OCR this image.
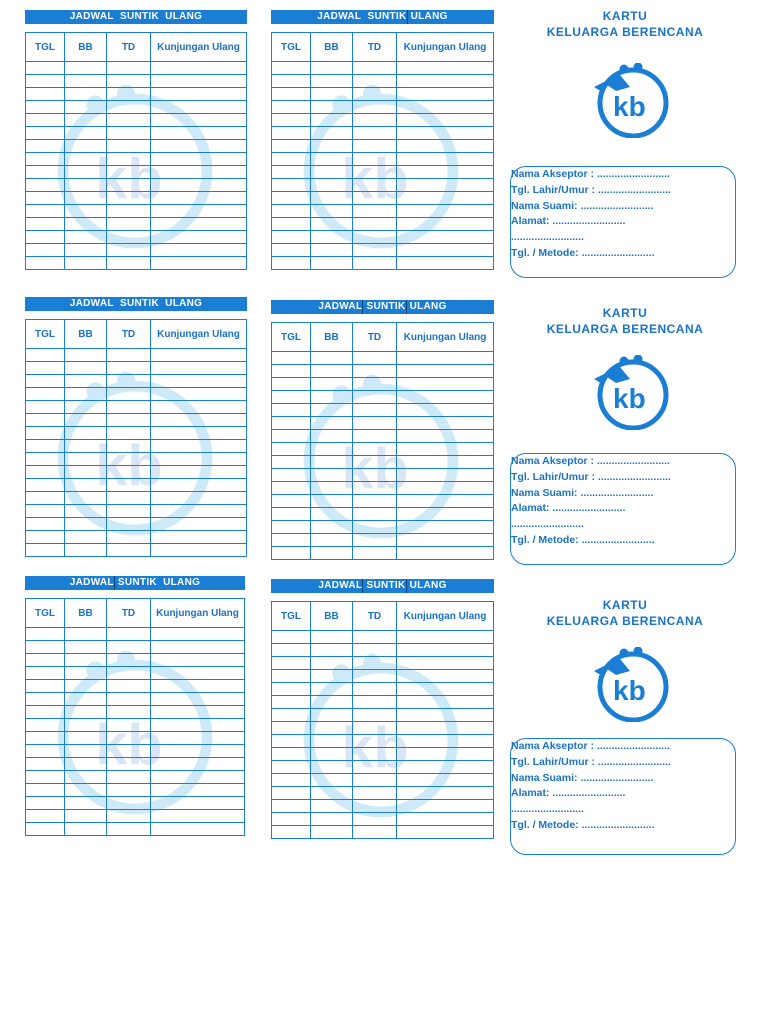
JADWAL SUNTIK ULANG
kb
TGL	BB	TD	Kunjungan Ulang

JADWAL SUNTIK ULANG
kb
TGL	BB	TD	Kunjungan Ulang

KARTU
KELUARGA BERENCANA
kb
Nama Akseptor : .........................
Tgl. Lahir/Umur : .........................
Nama Suami: .........................
Alamat: .........................
.........................
Tgl. / Metode: .........................
JADWAL SUNTIK ULANG
kb
TGL	BB	TD	Kunjungan Ulang

JADWAL SUNTIK ULANG
kb
TGL	BB	TD	Kunjungan Ulang

KARTU
KELUARGA BERENCANA
kb
Nama Akseptor : .........................
Tgl. Lahir/Umur : .........................
Nama Suami: .........................
Alamat: .........................
.........................
Tgl. / Metode: .........................
JADWAL SUNTIK ULANG
kb
TGL	BB	TD	Kunjungan Ulang

JADWAL SUNTIK ULANG
kb
TGL	BB	TD	Kunjungan Ulang

KARTU
KELUARGA BERENCANA
kb
Nama Akseptor : .........................
Tgl. Lahir/Umur : .........................
Nama Suami: .........................
Alamat: .........................
.........................
Tgl. / Metode: .........................
